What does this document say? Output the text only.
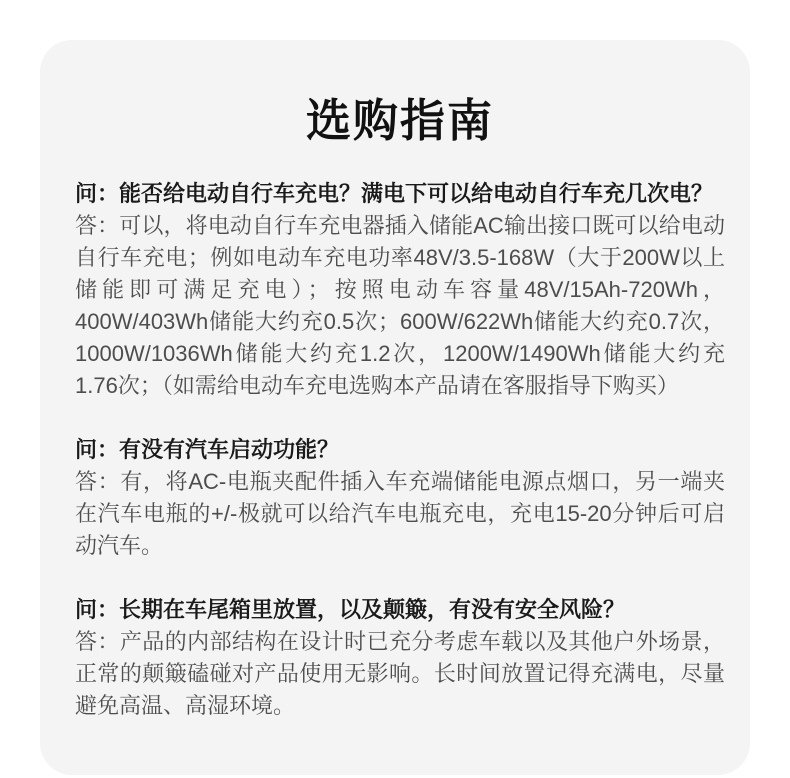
选购指南

问：能否给电动自行车充电？满电下可以给电动自行车充几次电？

答：可以，将电动自行车充电器插入储能AC输出接口既可以给电动自行车充电；例如电动车充电功率48V/3.5-168W（大于200W以上储能即可满足充电）；按照电动车容量48V/15Ah-720Wh，400W/403Wh储能大约充0.5次；600W/622Wh储能大约充0.7次，1000W/1036Wh储能大约充1.2次，1200W/1490Wh储能大约充1.76次；（如需给电动车充电选购本产品请在客服指导下购买）

问：有没有汽车启动功能？

答：有，将AC-电瓶夹配件插入车充端储能电源点烟口，另一端夹在汽车电瓶的+/-极就可以给汽车电瓶充电，充电15-20分钟后可启动汽车。

问：长期在车尾箱里放置，以及颠簸，有没有安全风险？

答：产品的内部结构在设计时已充分考虑车载以及其他户外场景，正常的颠簸磕碰对产品使用无影响。长时间放置记得充满电，尽量避免高温、高湿环境。
